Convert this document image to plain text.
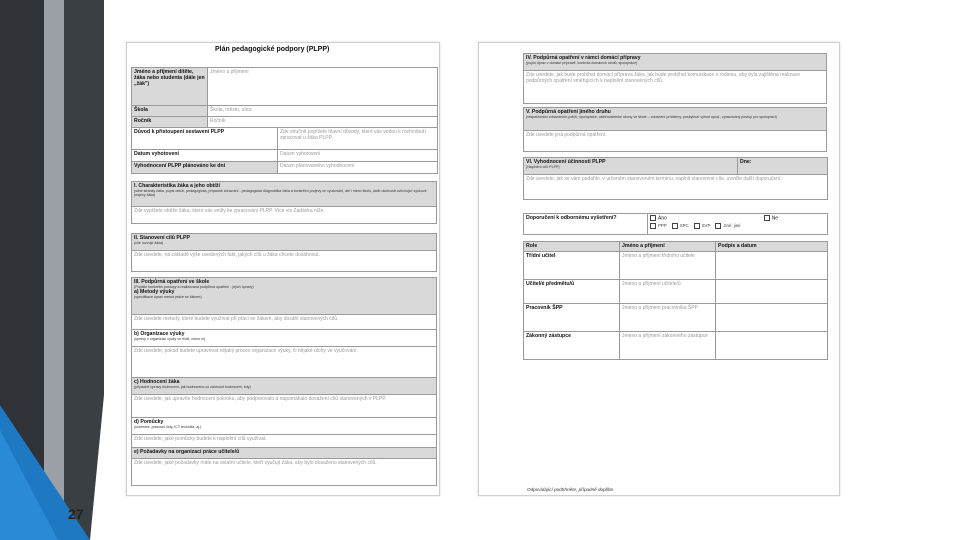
27
Plán pedagogické podpory (PLPP)
Jméno a příjmení dítěte, žáka nebo studenta (dále jen „žák")	Jméno a příjmení	

Škola	Škola, město, ulice	

Ročník	Ročník	

Důvod k přistoupení sestavení PLPP		Zde stručně popíšete hlavní důvody, které vás vedou k rozhodnutí zpracovat u žáka PLPP.

Datum vyhotovení		Datum vyhotovení

Vyhodnocení PLPP plánováno ke dni		Datum plánovaného vyhodnocení
I. Charakteristika žáka a jeho obtíží
(silné stránky žáka, popis obtíží, pedagogická, případně zdravotní - pedagogická diagnostika žáka a konkrétní projevy ve vyučování, ale i mimo školu, další okolnosti ovlivňující výukové projevy žáka)

Zde vypíšete obtíže žáka, které vás vedly ke zpracování PLPP. Více viz Zadávka níže.
II. Stanovení cílů PLPP
(cíle rozvoje žáka)

Zde uvedete, na základě výše uvedených fakt, jakých cílů u žáka chcete dosáhnout.
III. Podpůrná opatření ve škole
(Popište konkrétní postupy a realizovaná podpůrná opatření - jejich úpravy)
a) Metody výuky
(specifikace úprav metod práce se žákem)

Zde uvedete metody, které budete využívat při práci se žákem, aby dosáhl stanovených cílů.

b) Organizace výuky
(úpravy v organizaci výuky ve třídě, mimo ni)

Zde uvedete, pokud budete upravovat nějaký proces organizace výuky, či nějaké úlohy ve vyučování.

c) Hodnocení žáka
(případné úpravy hodnocení, jak hodnoceno co zahrnout hodnocení, kdy)

Zde uvedete, jak upravíte hodnocení pokroku, aby podporovalo a napomáhalo dosažení cílů stanovených v PLPP.

d) Pomůcky
(učebnice, pracovní listy, ICT technika, aj.)

Zde uvedete, jaké pomůcky budete k naplnění cílů využívat.

e) Požadavky na organizaci práce učitele/ů

Zde uvedete, jaké požadavky máte na ostatní učitele, kteří vyučují žáka, aby bylo dosaženo stanovených cílů.
IV. Podpůrná opatření v rámci domácí přípravy
(popis úprav v domácí přípravě, kontrola domácích úkolů, spolupráce)

Zde uvedete, jak bude probíhat domácí příprava žáka, jak bude probíhat komunikace s rodinou, aby byla zajištěna realizace podpůrných opatření směřujících k naplnění stanovených cílů.
V. Podpůrná opatření jiného druhu
(respektování zdravotních potíží, spolupráce, ošetřovatelské úkony ve škole – zdravotní problémy, poskytnutí výhod apod., zpracovaný postup pro spolupráci)

Zde uvedete jiná podpůrná opatření.
VI. Vyhodnocení účinnosti PLPP
(Naplnění cílů PLPP)

Dne:

Zde uvedete, jak se vám podařilo, v určeném stanoveném termínu, naplnit stanovené cíle, uveďte další doporučení.
Doporučení k odbornému vyšetření?	Ano	Ne
PPP	SPC	SVP	Jiné: jiné
Role	Jméno a příjmení	Podpis a datum

Třídní učitel	Jméno a příjmení třídního učitele	

Učitel/é předmětu/ů	Jméno a příjmení učitele/ů	

Pracovník ŠPP	Jméno a příjmení pracovníka ŠPP	

Zákonný zástupce	Jméno a příjmení zákonného zástupce	

Odpovídající podtrhněte, případně doplňte.
